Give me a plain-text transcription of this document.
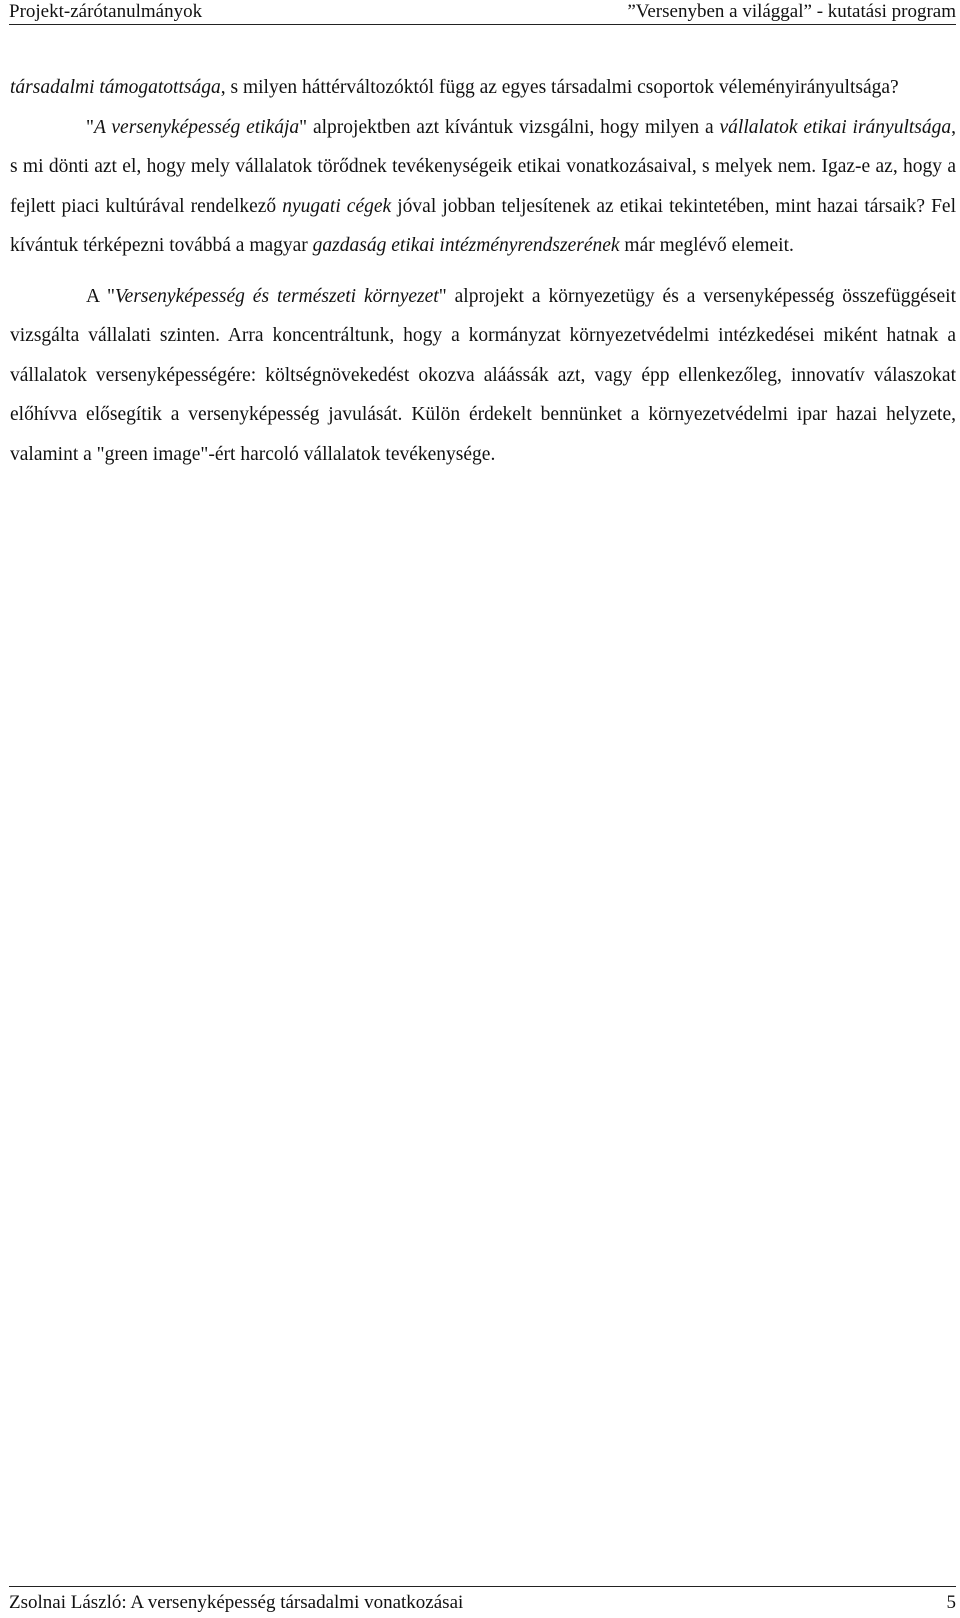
Projekt-zárótanulmányok	”Versenyben a világgal” - kutatási program

társadalmi támogatottsága, s milyen háttérváltozóktól függ az egyes társadalmi csoportok véleményirányultsága?

"A versenyképesség etikája" alprojektben azt kívántuk vizsgálni, hogy milyen a vállalatok etikai irányultsága, s mi dönti azt el, hogy mely vállalatok törődnek tevékenységeik etikai vonatkozásaival, s melyek nem. Igaz-e az, hogy a fejlett piaci kultúrával rendelkező nyugati cégek jóval jobban teljesítenek az etikai tekintetében, mint hazai társaik? Fel kívántuk térképezni továbbá a magyar gazdaság etikai intézményrendszerének már meglévő elemeit.

A "Versenyképesség és természeti környezet" alprojekt a környezetügy és a versenyképesség összefüggéseit vizsgálta vállalati szinten. Arra koncentráltunk, hogy a kormányzat környezetvédelmi intézkedései miként hatnak a vállalatok versenyképességére: költségnövekedést okozva aláássák azt, vagy épp ellenkezőleg, innovatív válaszokat előhívva elősegítik a versenyképesség javulását. Külön érdekelt bennünket a környezetvédelmi ipar hazai helyzete, valamint a "green image"-ért harcoló vállalatok tevékenysége.

Zsolnai László: A versenyképesség társadalmi vonatkozásai	5
